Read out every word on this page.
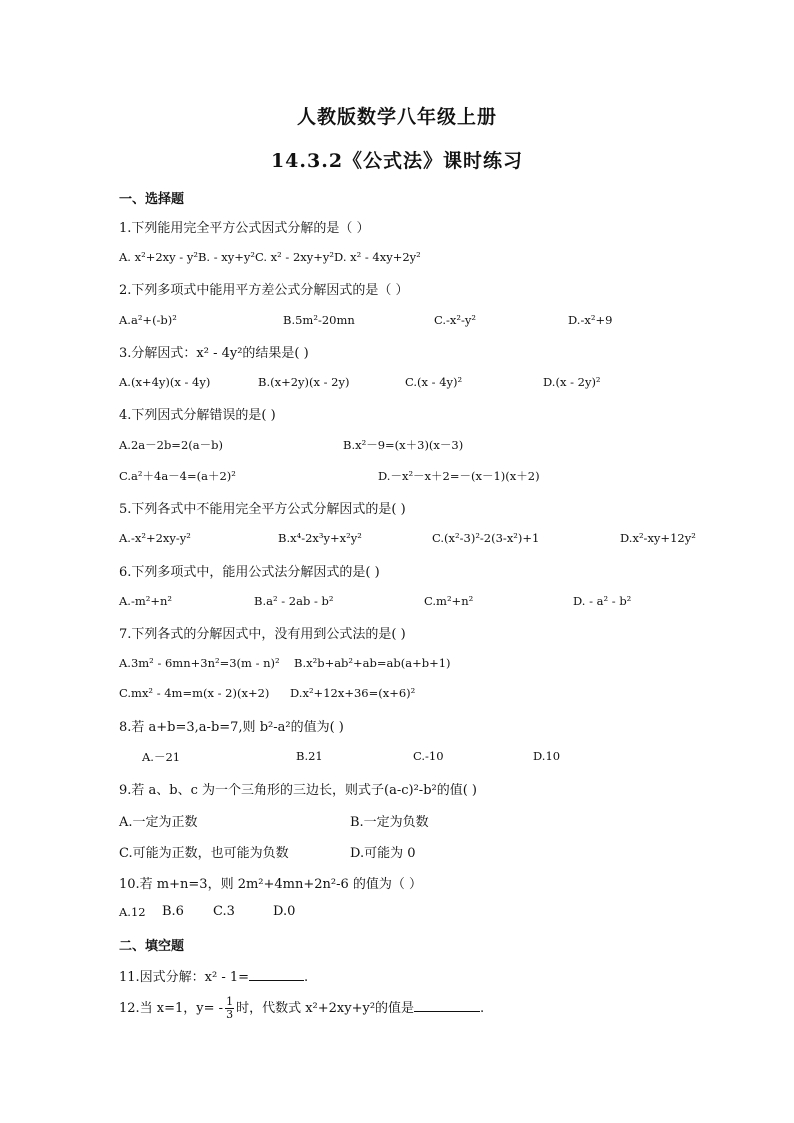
人教版数学八年级上册
14.3.2《公式法》课时练习
一、选择题
1.下列能用完全平方公式因式分解的是（ ）
A. x²+2xy - y²B. - xy+y²C. x² - 2xy+y²D. x² - 4xy+2y²
2.下列多项式中能用平方差公式分解因式的是（ ）
A.a²+(-b)²	B.5m²-20mn	C.-x²-y²	D.-x²+9
3.分解因式：x² - 4y²的结果是( )
A.(x+4y)(x - 4y)	B.(x+2y)(x - 2y)	C.(x - 4y)²	D.(x - 2y)²
4.下列因式分解错误的是( )
A.2a－2b=2(a－b)	B.x²－9=(x＋3)(x－3)
C.a²＋4a－4=(a＋2)²	D.－x²－x＋2=－(x－1)(x＋2)
5.下列各式中不能用完全平方公式分解因式的是( )
A.-x²+2xy-y²	B.x⁴-2x³y+x²y²	C.(x²-3)²-2(3-x²)+1	D.x²-xy+12y²
6.下列多项式中，能用公式法分解因式的是( )
A.-m²+n²	B.a² - 2ab - b²	C.m²+n²	D. - a² - b²
7.下列各式的分解因式中，没有用到公式法的是( )
A.3m² - 6mn+3n²=3(m - n)² B.x²b+ab²+ab=ab(a+b+1)
C.mx² - 4m=m(x - 2)(x+2) D.x²+12x+36=(x+6)²
8.若 a+b=3,a-b=7,则 b²-a²的值为( )
A.－21	B.21	C.-10	D.10
9.若 a、b、c 为一个三角形的三边长，则式子(a-c)²-b²的值( )
A.一定为正数	B.一定为负数
C.可能为正数，也可能为负数	D.可能为 0
10.若 m+n=3，则 2m²+4mn+2n²-6 的值为（ ）
A.12 B.6 C.3	D.0
二、填空题
11.因式分解：x² - 1=	.
12.当 x=1，$y= - \frac{1}{3}$ 时，代数式 x²+2xy+y²的值是	.
